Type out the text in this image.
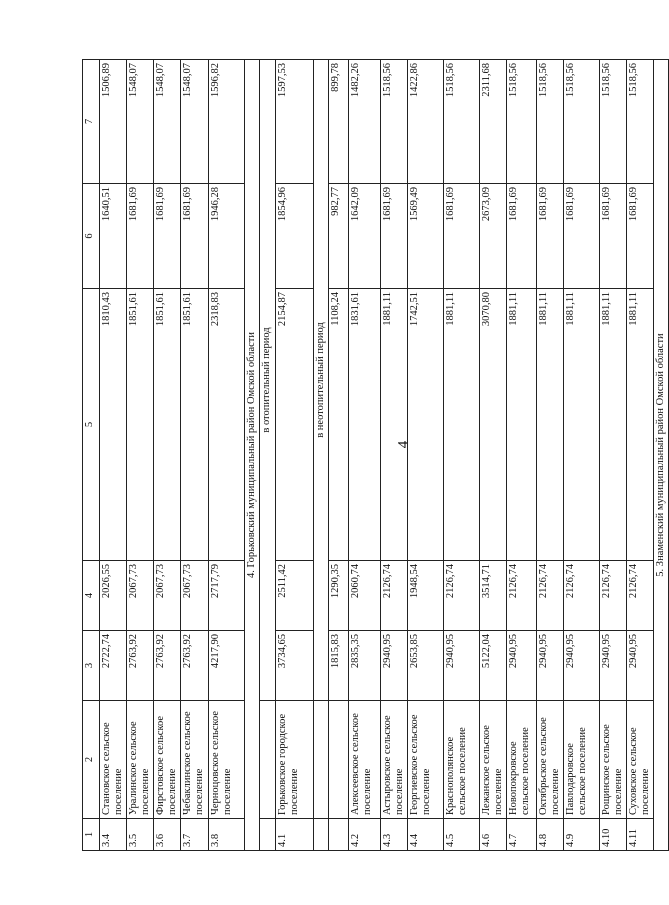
4
1	2	3	4	5	6	7
3.4	Становское сельское поселение	2722,74	2026,55	1810,43	1640,51	1506,89
3.5	Уралинское сельское поселение	2763,92	2067,73	1851,61	1681,69	1548,07
3.6	Фирстовское сельское поселение	2763,92	2067,73	1851,61	1681,69	1548,07
3.7	Чебаклинское сельское поселение	2763,92	2067,73	1851,61	1681,69	1548,07
3.8	Черноцовское сельское поселение	4217,90	2717,79	2318,83	1946,28	1596,82
4. Горьковский муниципальный район Омской области						
		в отопительный период				
4.1	Горьковское городское поселение	3734,65	2511,42	2154,87	1854,96	1597,53
		в неотопительный период				
		1815,83	1290,35	1108,24	982,77	899,78
4.2	Алексеевское сельское поселение	2835,35	2060,74	1831,61	1642,09	1482,26
4.3	Астыровское сельское поселение	2940,95	2126,74	1881,11	1681,69	1518,56
4.4	Георгиевское сельское поселение	2653,85	1948,54	1742,51	1569,49	1422,86
4.5	Краснополянское сельское поселение	2940,95	2126,74	1881,11	1681,69	1518,56
4.6	Лежанское сельское поселение	5122,04	3514,71	3070,80	2673,09	2311,68
4.7	Новопокровское сельское поселение	2940,95	2126,74	1881,11	1681,69	1518,56
4.8	Октябрьское сельское поселение	2940,95	2126,74	1881,11	1681,69	1518,56
4.9	Павлодаровское сельское поселение	2940,95	2126,74	1881,11	1681,69	1518,56
4.10	Рощинское сельское поселение	2940,95	2126,74	1881,11	1681,69	1518,56
4.11	Суховское сельское поселение	2940,95	2126,74	1881,11	1681,69	1518,56
5. Знаменский муниципальный район Омской области						
